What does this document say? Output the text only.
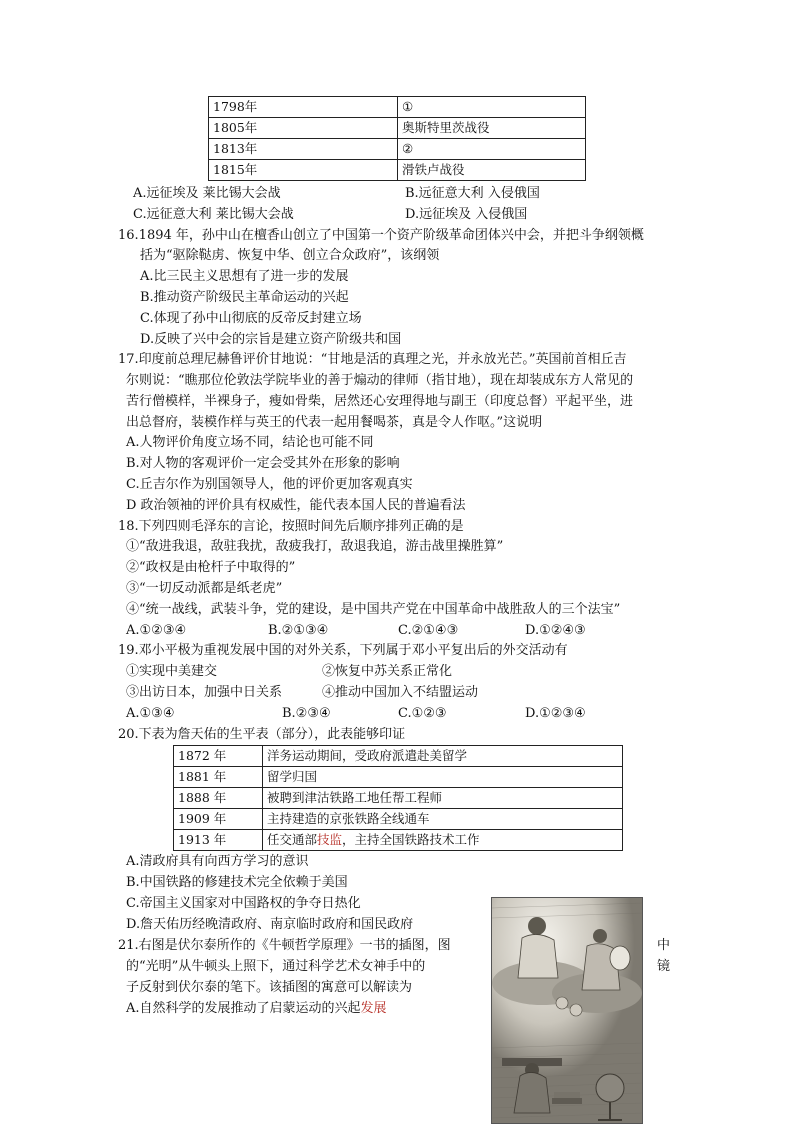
1798年	①
1805年	奥斯特里茨战役
1813年	②
1815年	滑铁卢战役
A.远征埃及 莱比锡大会战	B.远征意大利 入侵俄国
C.远征意大利 莱比锡大会战	D.远征埃及 入侵俄国
16.1894 年，孙中山在檀香山创立了中国第一个资产阶级革命团体兴中会，并把斗争纲领概
括为“驱除鞑虏、恢复中华、创立合众政府”，该纲领
A.比三民主义思想有了进一步的发展
B.推动资产阶级民主革命运动的兴起
C.体现了孙中山彻底的反帝反封建立场
D.反映了兴中会的宗旨是建立资产阶级共和国
17.印度前总理尼赫鲁评价甘地说：“甘地是活的真理之光，并永放光芒。”英国前首相丘吉
尔则说：“瞧那位伦敦法学院毕业的善于煽动的律师（指甘地），现在却装成东方人常见的
苦行僧模样，半裸身子，瘦如骨柴，居然还心安理得地与副王（印度总督）平起平坐，进
出总督府，装模作样与英王的代表一起用餐喝茶，真是令人作呕。”这说明
A.人物评价角度立场不同，结论也可能不同
B.对人物的客观评价一定会受其外在形象的影响
C.丘吉尔作为别国领导人，他的评价更加客观真实
D 政治领袖的评价具有权威性，能代表本国人民的普遍看法
18.下列四则毛泽东的言论，按照时间先后顺序排列正确的是
①“敌进我退，敌驻我扰，敌疲我打，敌退我追，游击战里操胜算”
②“政权是由枪杆子中取得的”
③“一切反动派都是纸老虎”
④“统一战线，武装斗争，党的建设，是中国共产党在中国革命中战胜敌人的三个法宝”
A.①②③④	B.②①③④	C.②①④③	D.①②④③
19.邓小平极为重视发展中国的对外关系，下列属于邓小平复出后的外交活动有
①实现中美建交	②恢复中苏关系正常化
③出访日本，加强中日关系	④推动中国加入不结盟运动
A.①③④	B.②③④	C.①②③	D.①②③④
20.下表为詹天佑的生平表（部分），此表能够印证
1872 年	洋务运动期间，受政府派遣赴美留学
1881 年	留学归国
1888 年	被聘到津沽铁路工地任帮工程师
1909 年	主持建造的京张铁路全线通车
1913 年	任交通部技监，主持全国铁路技术工作
A.清政府具有向西方学习的意识
B.中国铁路的修建技术完全依赖于美国
C.帝国主义国家对中国路权的争夺日热化
D.詹天佑历经晚清政府、南京临时政府和国民政府
21.右图是伏尔泰所作的《牛顿哲学原理》一书的插图，图	中
的“光明”从牛顿头上照下，通过科学艺术女神手中的	镜
子反射到伏尔泰的笔下。该插图的寓意可以解读为
A.自然科学的发展推动了启蒙运动的兴起发展
